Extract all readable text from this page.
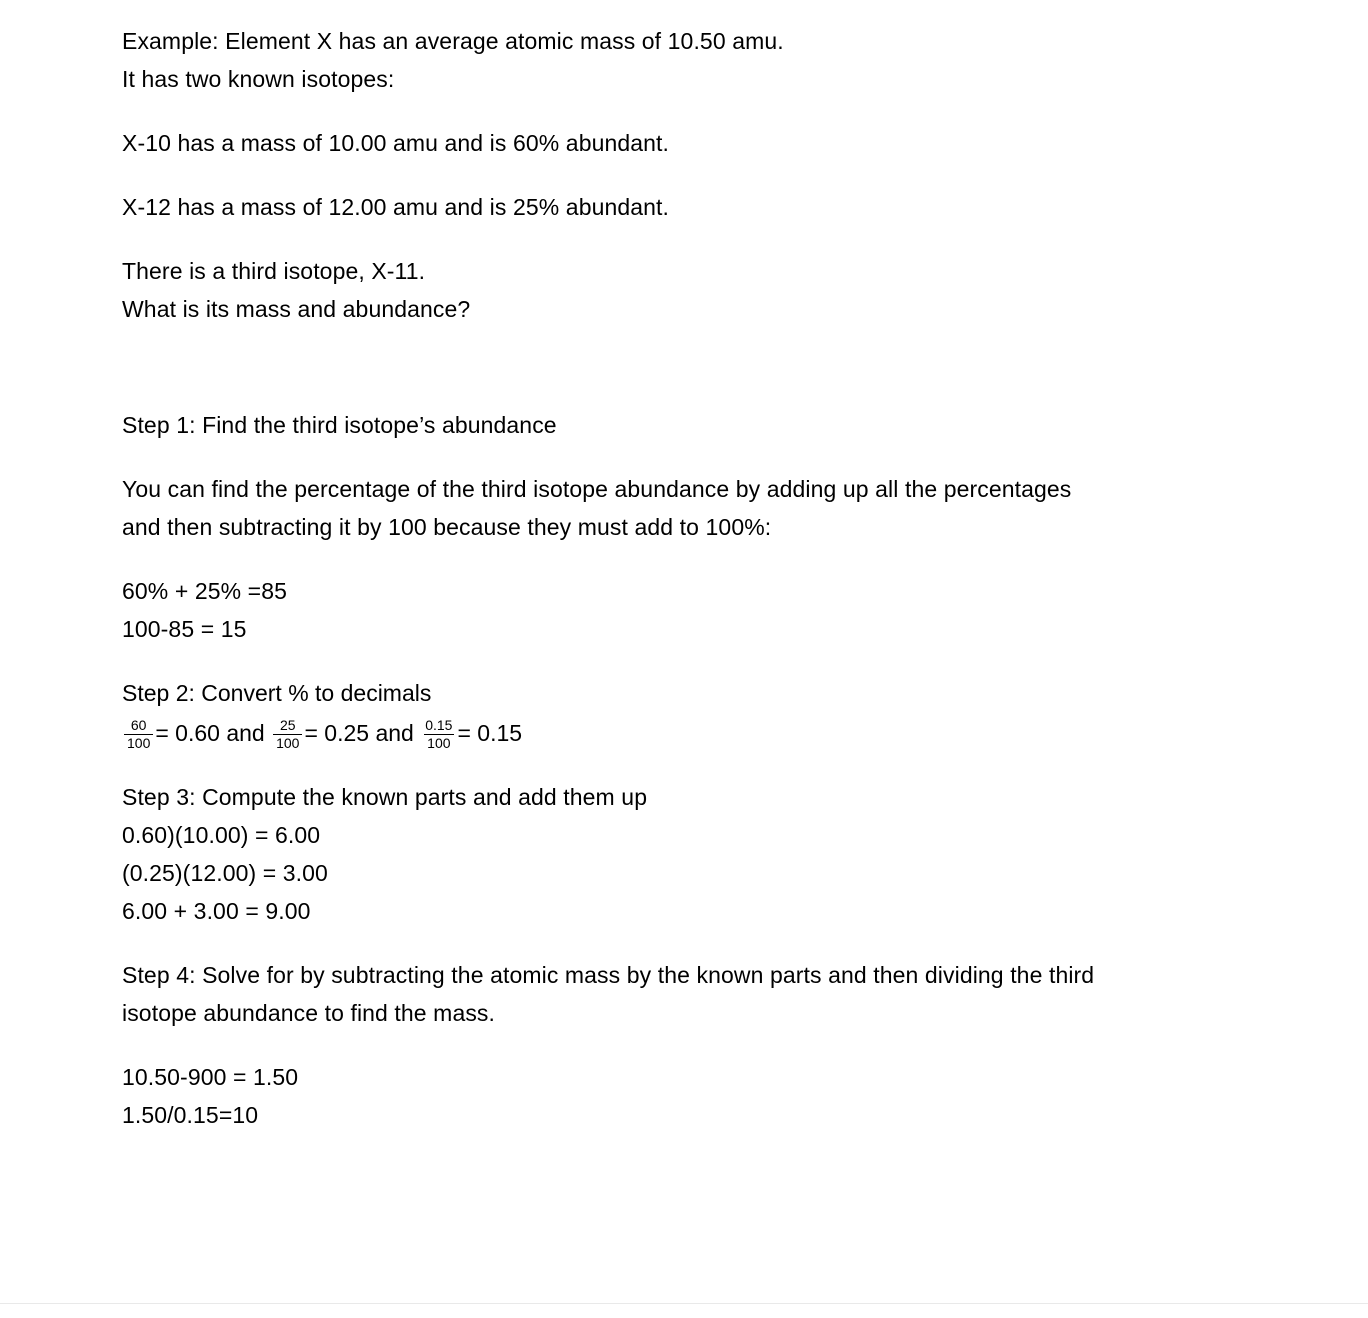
Example: Element X has an average atomic mass of 10.50 amu.
It has two known isotopes:

X-10 has a mass of 10.00 amu and is 60% abundant.

X-12 has a mass of 12.00 amu and is 25% abundant.

There is a third isotope, X-11.
What is its mass and abundance?

Step 1: Find the third isotope’s abundance

You can find the percentage of the third isotope abundance by adding up all the percentages
and then subtracting it by 100 because they must add to 100%:

60% + 25% =85
100-85 = 15

Step 2: Convert % to decimals
$\frac{60}{100} = 0.60$ and $\frac{25}{100} = 0.25$ and $\frac{0.15}{100} = 0.15$

Step 3: Compute the known parts and add them up
0.60)(10.00) = 6.00
(0.25)(12.00) = 3.00
6.00 + 3.00 = 9.00

Step 4: Solve for by subtracting the atomic mass by the known parts and then dividing the third
isotope abundance to find the mass.

10.50-900 = 1.50
1.50/0.15=10
